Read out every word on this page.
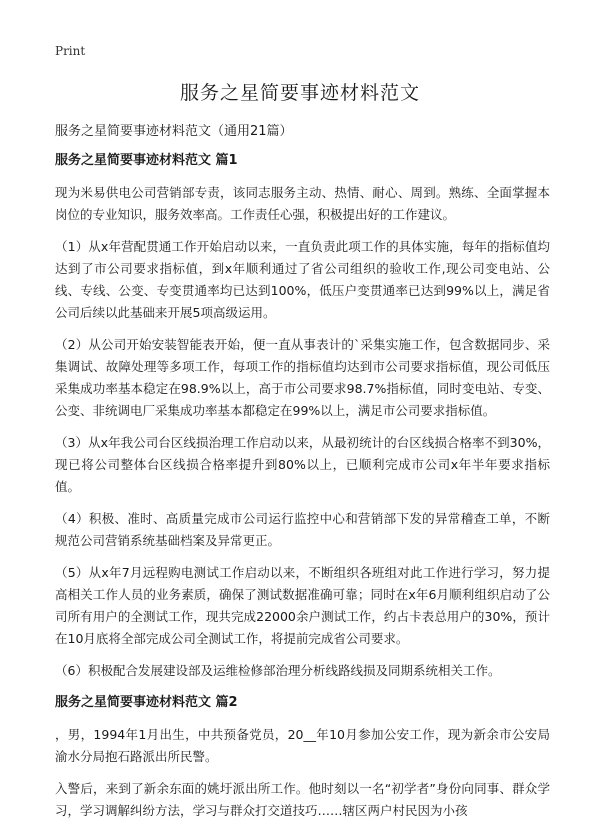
Print
服务之星简要事迹材料范文

服务之星简要事迹材料范文（通用21篇）

服务之星简要事迹材料范文 篇1

现为米易供电公司营销部专责，该同志服务主动、热情、耐心、周到。熟练、全面掌握本岗位的专业知识，服务效率高。工作责任心强，积极提出好的工作建议。

（1）从x年营配贯通工作开始启动以来，一直负责此项工作的具体实施，每年的指标值均达到了市公司要求指标值，到x年顺利通过了省公司组织的验收工作,现公司变电站、公线、专线、公变、专变贯通率均已达到100%，低压户变贯通率已达到99%以上，满足省公司后续以此基础来开展5项高级运用。

（2）从公司开始安装智能表开始，便一直从事表计的`采集实施工作，包含数据同步、采集调试、故障处理等多项工作，每项工作的指标值均达到市公司要求指标值，现公司低压采集成功率基本稳定在98.9%以上，高于市公司要求98.7%指标值，同时变电站、专变、公变、非统调电厂采集成功率基本都稳定在99%以上，满足市公司要求指标值。

（3）从x年我公司台区线损治理工作启动以来，从最初统计的台区线损合格率不到30%，现已将公司整体台区线损合格率提升到80%以上，已顺利完成市公司x年半年要求指标值。

（4）积极、准时、高质量完成市公司运行监控中心和营销部下发的异常稽查工单，不断规范公司营销系统基础档案及异常更正。

（5）从x年7月远程购电测试工作启动以来，不断组织各班组对此工作进行学习，努力提高相关工作人员的业务素质，确保了测试数据准确可靠；同时在x年6月顺利组织启动了公司所有用户的全测试工作，现共完成22000余户测试工作，约占卡表总用户的30%，预计在10月底将全部完成公司全测试工作，将提前完成省公司要求。

（6）积极配合发展建设部及运维检修部治理分析线路线损及同期系统相关工作。

服务之星简要事迹材料范文 篇2

，男，1994年1月出生，中共预备党员，20__年10月参加公安工作，现为新余市公安局渝水分局抱石路派出所民警。

入警后，来到了新余东面的姚圩派出所工作。他时刻以一名“初学者”身份向同事、群众学习，学习调解纠纷方法，学习与群众打交道技巧……辖区两户村民因为小孩
